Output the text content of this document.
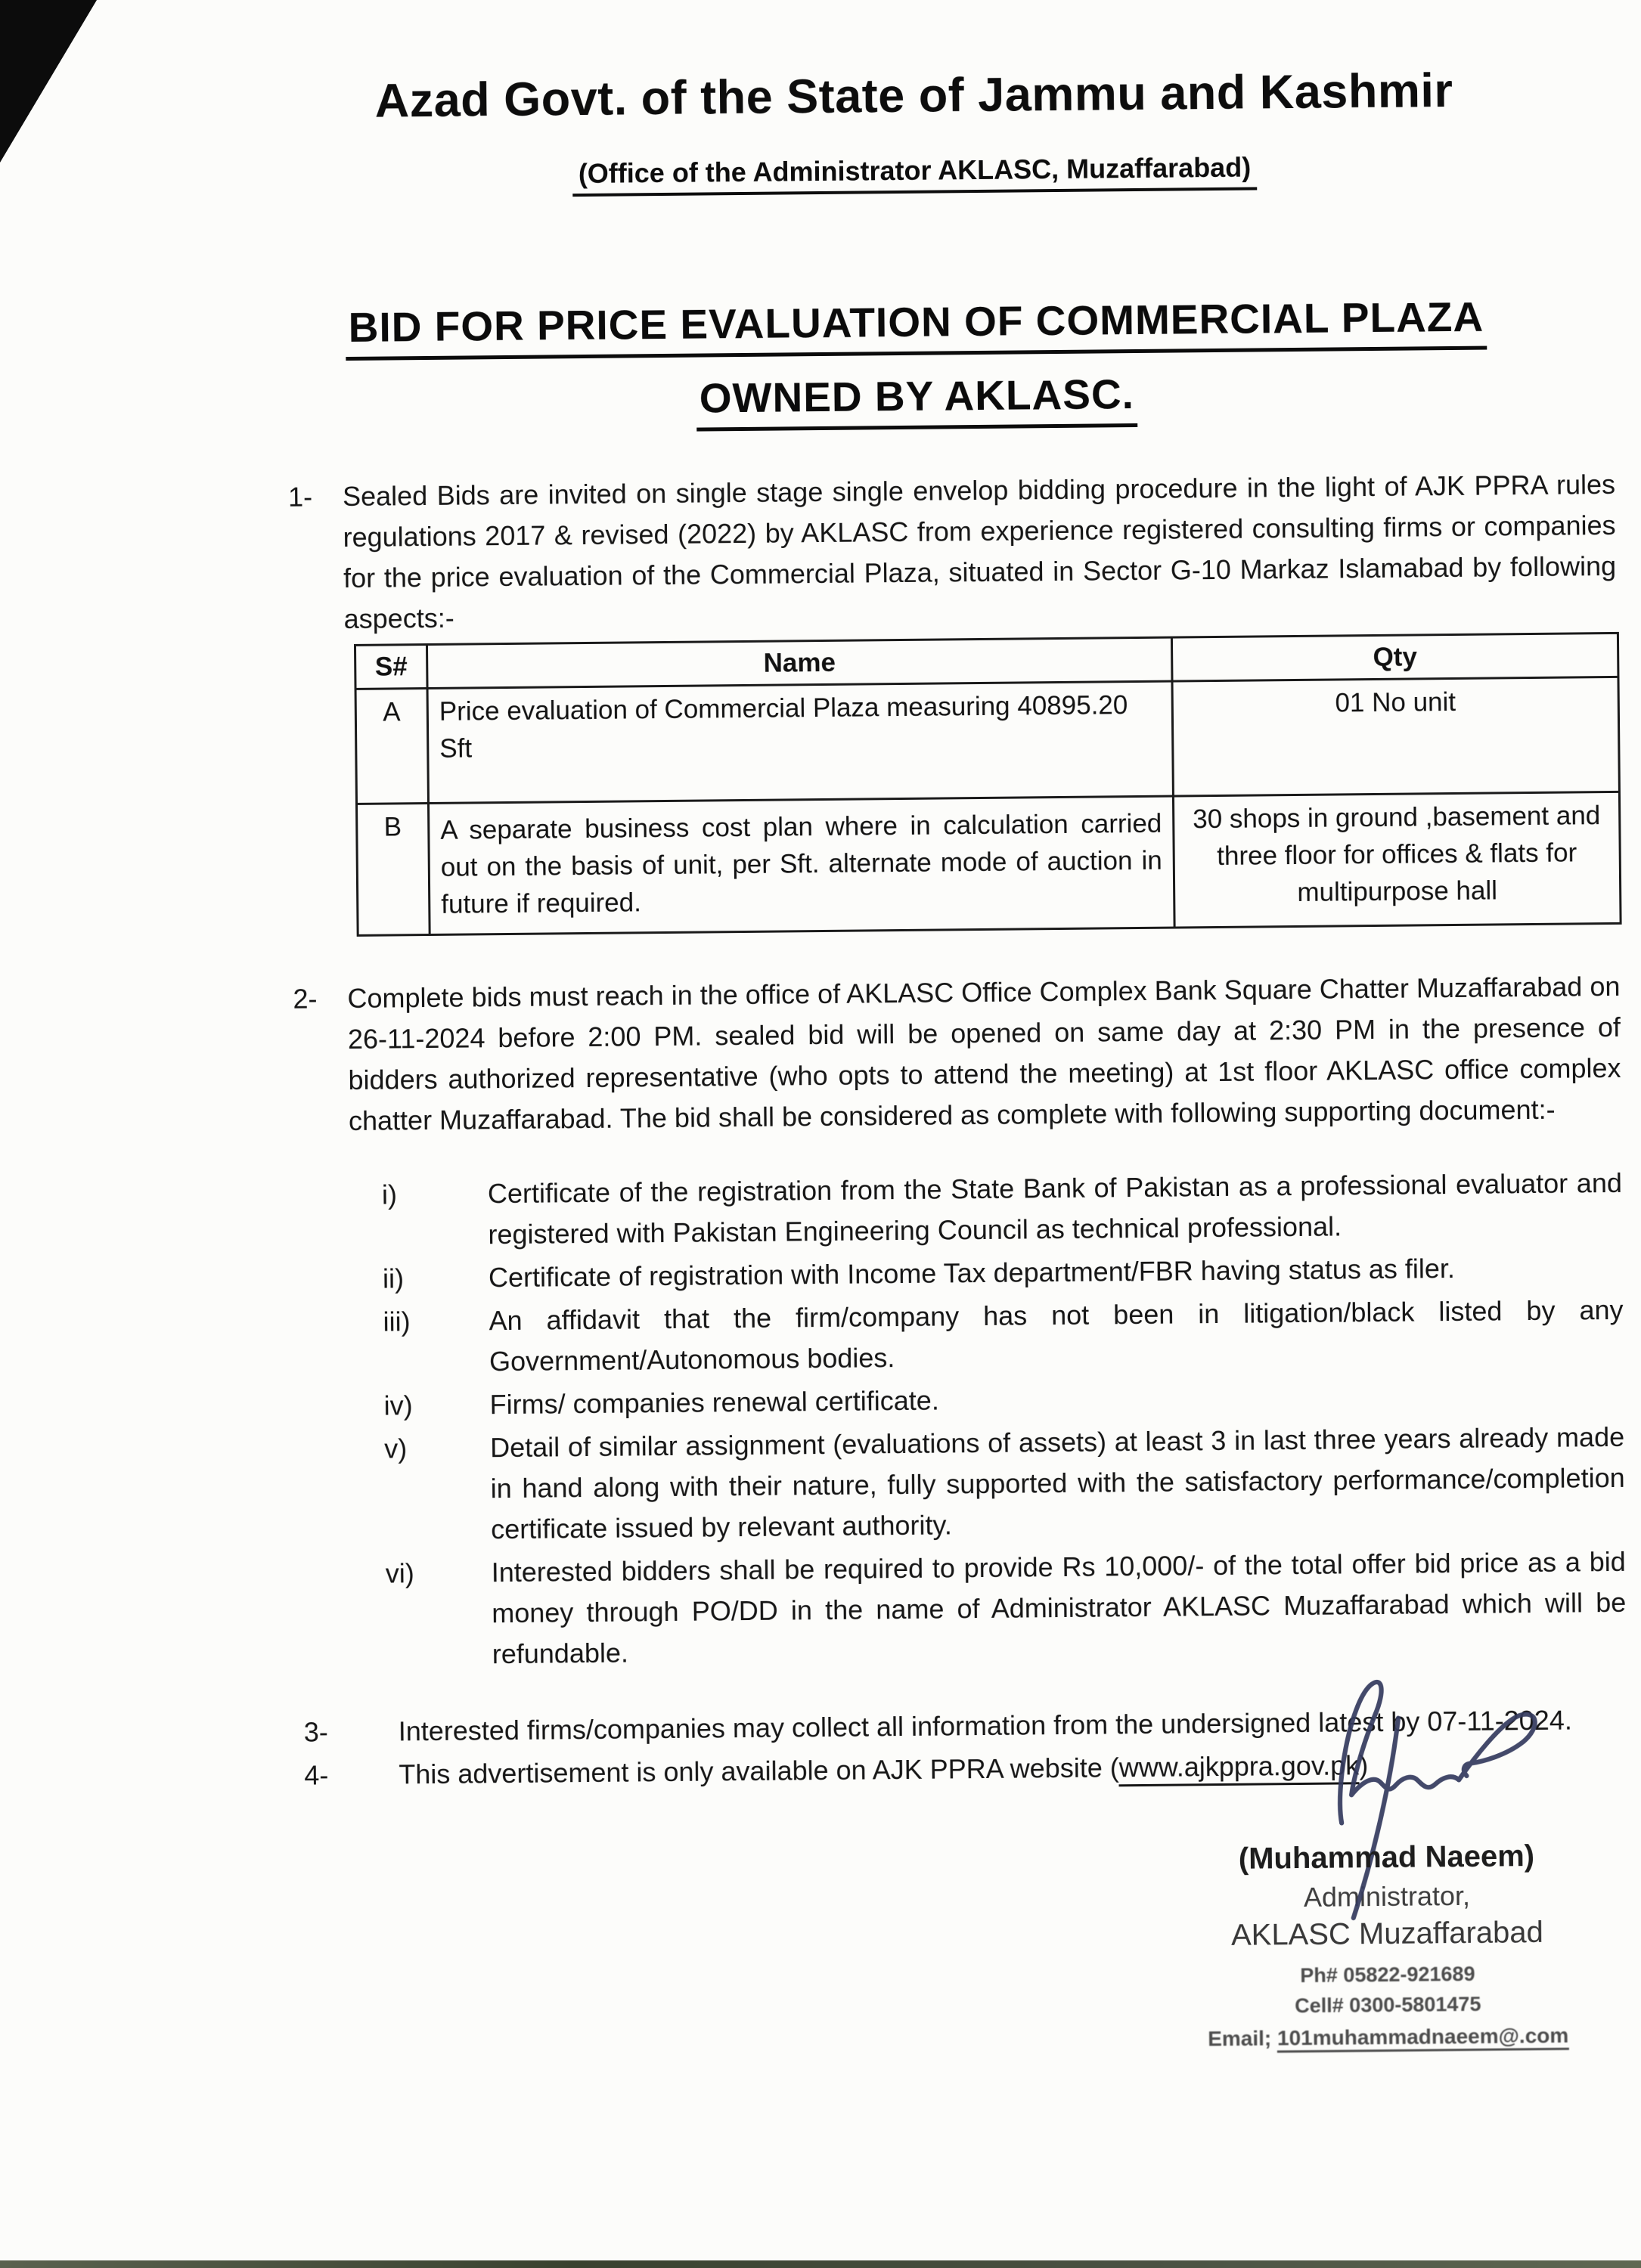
Azad Govt. of the State of Jammu and Kashmir
(Office of the Administrator AKLASC, Muzaffarabad)
BID FOR PRICE EVALUATION OF COMMERCIAL PLAZA
OWNED BY AKLASC.
1-	Sealed Bids are invited on single stage single envelop bidding procedure in the light of AJK PPRA rules regulations 2017 & revised (2022) by AKLASC from experience registered consulting firms or companies for the price evaluation of the Commercial Plaza, situated in Sector G-10 Markaz Islamabad by following aspects:-
S#	Name	Qty
A	Price evaluation of Commercial Plaza measuring 40895.20 Sft	01 No unit
B	A separate business cost plan where in calculation carried out on the basis of unit, per Sft. alternate mode of auction in future if required.	30 shops in ground ,basement and three floor for offices & flats for multipurpose hall
2-	Complete bids must reach in the office of AKLASC Office Complex Bank Square Chatter Muzaffarabad on 26-11-2024 before 2:00 PM. sealed bid will be opened on same day at 2:30 PM in the presence of bidders authorized representative (who opts to attend the meeting) at 1st floor AKLASC office complex chatter Muzaffarabad. The bid shall be considered as complete with following supporting document:-
i)	Certificate of the registration from the State Bank of Pakistan as a professional evaluator and registered with Pakistan Engineering Council as technical professional.
ii)	Certificate of registration with Income Tax department/FBR having status as filer.
iii)	An affidavit that the firm/company has not been in litigation/black listed by any Government/Autonomous bodies.
iv)	Firms/ companies renewal certificate.
v)	Detail of similar assignment (evaluations of assets) at least 3 in last three years already made in hand along with their nature, fully supported with the satisfactory performance/completion certificate issued by relevant authority.
vi)	Interested bidders shall be required to provide Rs 10,000/- of the total offer bid price as a bid money through PO/DD in the name of Administrator AKLASC Muzaffarabad which will be refundable.
3-	Interested firms/companies may collect all information from the undersigned latest by 07-11-2024.
4-	This advertisement is only available on AJK PPRA website (www.ajkppra.gov.pk)
(Muhammad Naeem)
Administrator,
AKLASC Muzaffarabad
Ph# 05822-921689
Cell# 0300-5801475
Email; 101muhammadnaeem@.com
